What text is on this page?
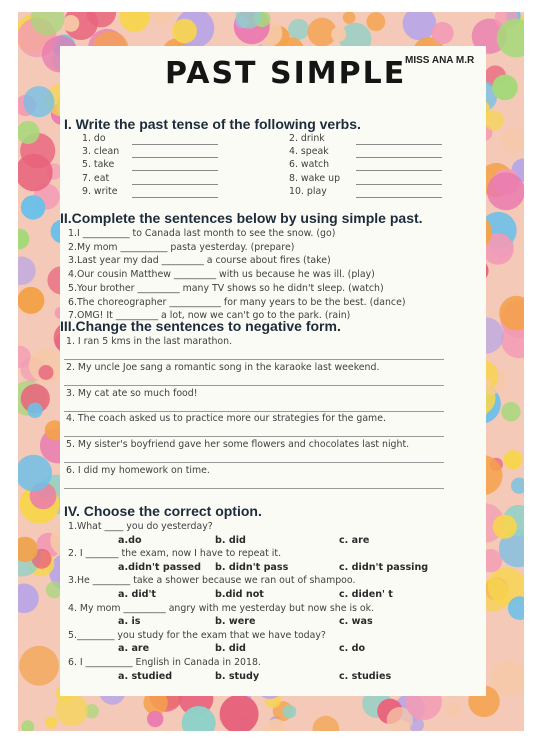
PAST SIMPLE
MISS ANA M.R
I. Write the past tense of the following verbs.
1. do
3. clean
5. take
7. eat
9. write
2. drink
4. speak
6. watch
8. wake up
10. play
II.Complete the sentences below by using simple past.
1.I __________ to Canada last month to see the snow. (go)
2.My mom __________ pasta yesterday. (prepare)
3.Last year my dad _________ a course about fires (take)
4.Our cousin Matthew _________ with us because he was ill. (play)
5.Your brother _________ many TV shows so he didn't sleep. (watch)
6.The choreographer ___________ for many years to be the best. (dance)
7.OMG! It _________ a lot, now we can't go to the park. (rain)
III.Change the sentences to negative form.
1. I ran 5 kms in the last marathon.
2. My uncle Joe sang a romantic song in the karaoke last weekend.
3. My cat ate so much food!
4. The coach asked us to practice more our strategies for the game.
5. My sister's boyfriend gave her some flowers and chocolates last night.
6. I did my homework on time.
IV. Choose the correct option.
1.What ____ you do yesterday?
a.do	b. did	c. are
2. I _______ the exam, now I have to repeat it.
a.didn't passed b. didn't pass	c. didn't passing
3.He ________ take a shower because we ran out of shampoo.
a. did't	b.did not	c. diden' t
4. My mom _________ angry with me yesterday but now she is ok.
a. is	b. were	c. was
5.________ you study for the exam that we have today?
a. are	b. did	c. do
6. I __________ English in Canada in 2018.
a. studied	b. study	c. studies
